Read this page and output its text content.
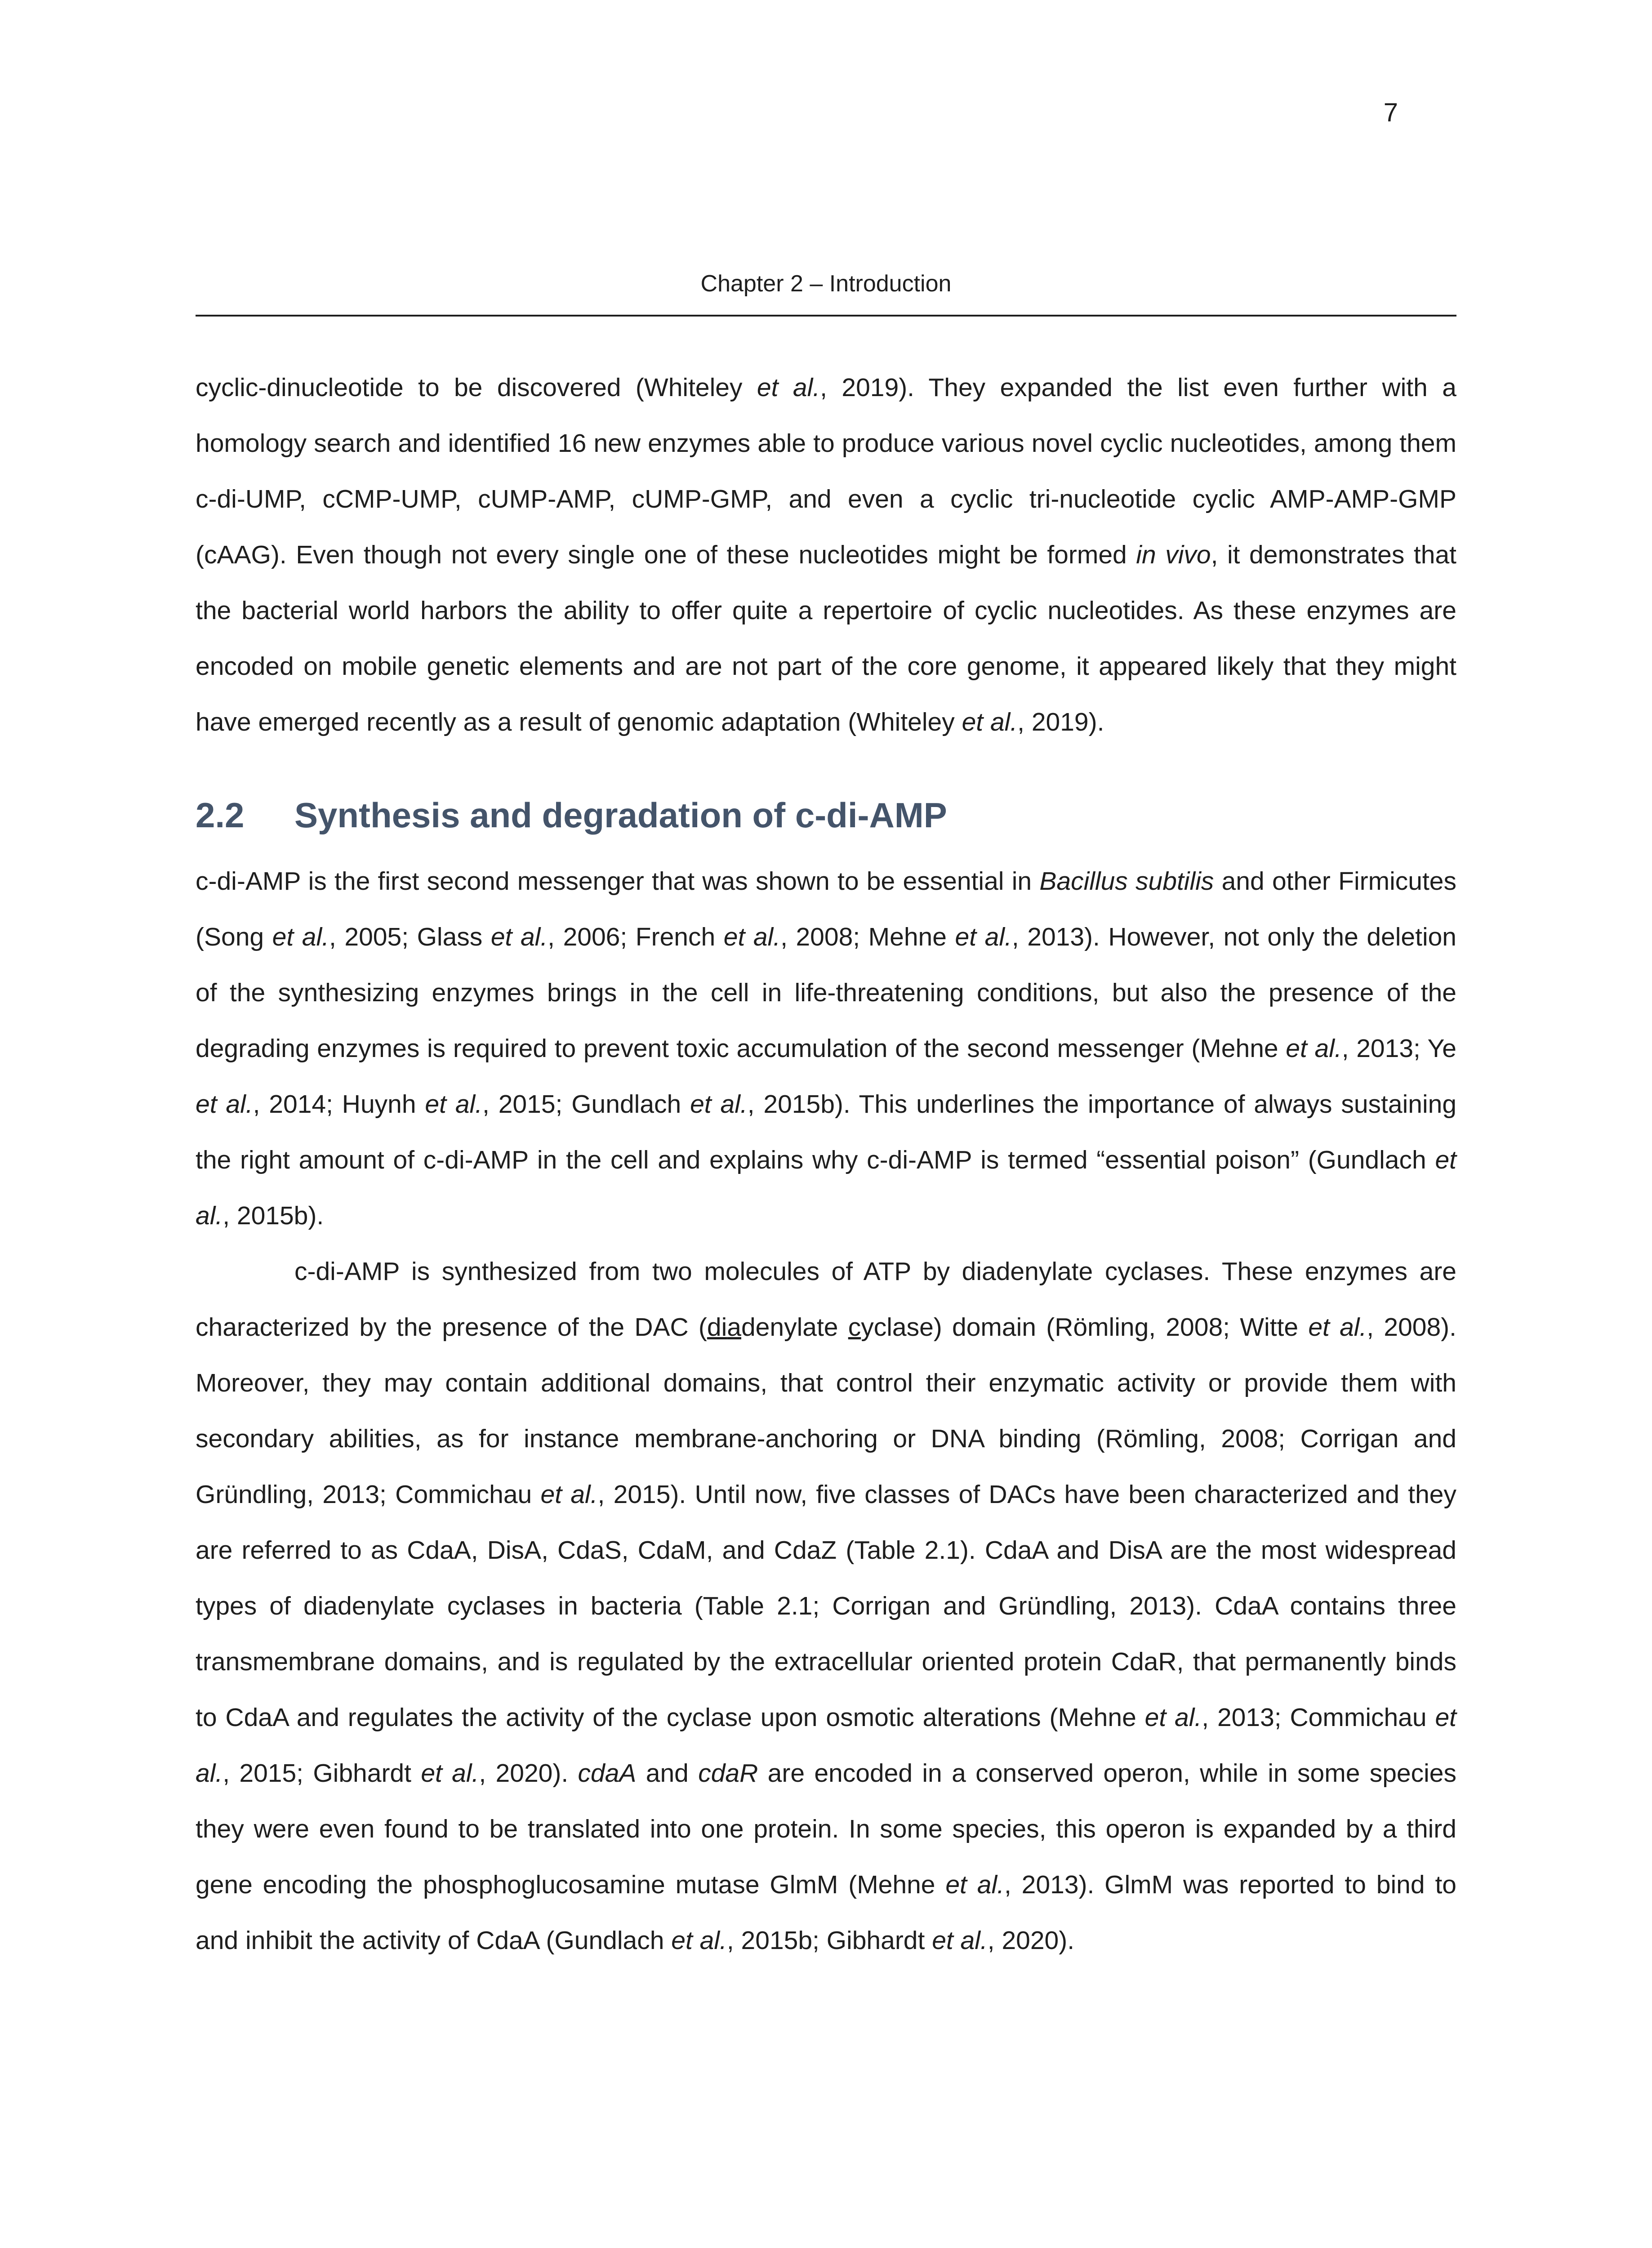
7
Chapter 2 – Introduction

cyclic-dinucleotide to be discovered (Whiteley et al., 2019). They expanded the list even further with a homology search and identified 16 new enzymes able to produce various novel cyclic nucleotides, among them c-di-UMP, cCMP-UMP, cUMP-AMP, cUMP-GMP, and even a cyclic tri-nucleotide cyclic AMP-AMP-GMP (cAAG). Even though not every single one of these nucleotides might be formed in vivo, it demonstrates that the bacterial world harbors the ability to offer quite a repertoire of cyclic nucleotides. As these enzymes are encoded on mobile genetic elements and are not part of the core genome, it appeared likely that they might have emerged recently as a result of genomic adaptation (Whiteley et al., 2019).

2.2 Synthesis and degradation of c-di-AMP

c-di-AMP is the first second messenger that was shown to be essential in Bacillus subtilis and other Firmicutes (Song et al., 2005; Glass et al., 2006; French et al., 2008; Mehne et al., 2013). However, not only the deletion of the synthesizing enzymes brings in the cell in life-threatening conditions, but also the presence of the degrading enzymes is required to prevent toxic accumulation of the second messenger (Mehne et al., 2013; Ye et al., 2014; Huynh et al., 2015; Gundlach et al., 2015b). This underlines the importance of always sustaining the right amount of c-di-AMP in the cell and explains why c-di-AMP is termed “essential poison” (Gundlach et al., 2015b).

c-di-AMP is synthesized from two molecules of ATP by diadenylate cyclases. These enzymes are characterized by the presence of the DAC (diadenylate cyclase) domain (Römling, 2008; Witte et al., 2008). Moreover, they may contain additional domains, that control their enzymatic activity or provide them with secondary abilities, as for instance membrane-anchoring or DNA binding (Römling, 2008; Corrigan and Gründling, 2013; Commichau et al., 2015). Until now, five classes of DACs have been characterized and they are referred to as CdaA, DisA, CdaS, CdaM, and CdaZ (Table 2.1). CdaA and DisA are the most widespread types of diadenylate cyclases in bacteria (Table 2.1; Corrigan and Gründling, 2013). CdaA contains three transmembrane domains, and is regulated by the extracellular oriented protein CdaR, that permanently binds to CdaA and regulates the activity of the cyclase upon osmotic alterations (Mehne et al., 2013; Commichau et al., 2015; Gibhardt et al., 2020). cdaA and cdaR are encoded in a conserved operon, while in some species they were even found to be translated into one protein. In some species, this operon is expanded by a third gene encoding the phosphoglucosamine mutase GlmM (Mehne et al., 2013). GlmM was reported to bind to and inhibit the activity of CdaA (Gundlach et al., 2015b; Gibhardt et al., 2020).
